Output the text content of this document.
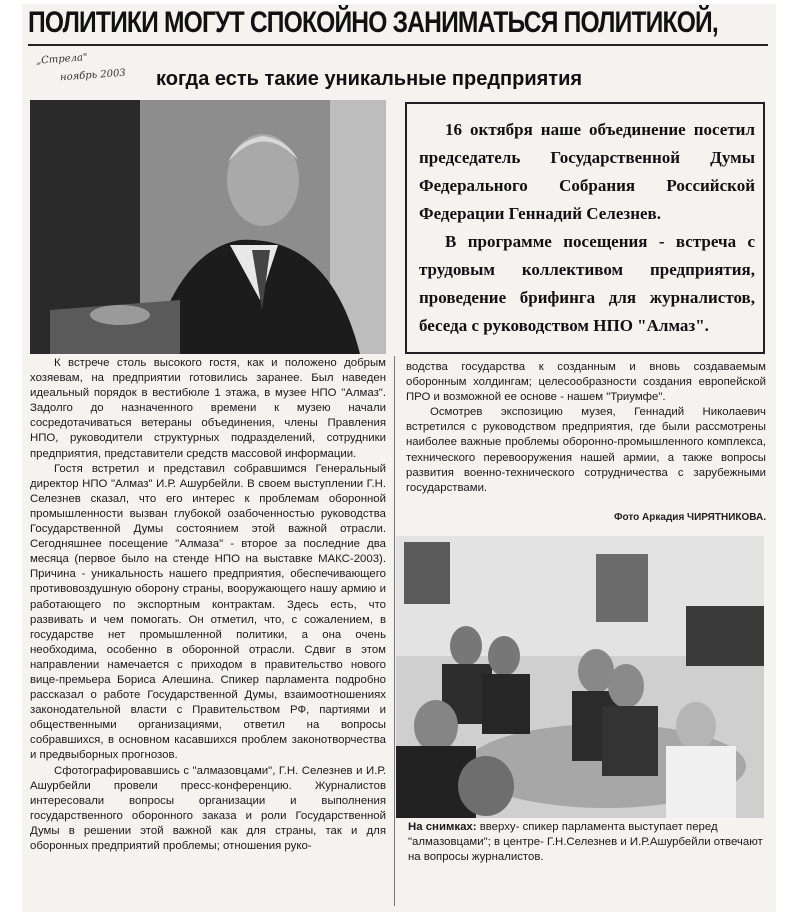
ПОЛИТИКИ МОГУТ СПОКОЙНО ЗАНИМАТЬСЯ ПОЛИТИКОЙ,
„Стрела"
ноябрь 2003 когда есть такие уникальные предприятия

16 октября наше объединение посетил председатель Государственной Думы Федерального Собрания Российской Федерации Геннадий Селезнев.

В программе посещения - встреча с трудовым коллективом предприятия, проведение брифинга для журналистов, беседа с руководством НПО "Алмаз".

К встрече столь высокого гостя, как и положено добрым хозяевам, на предприятии готовились заранее. Был наведен идеальный порядок в вестибюле 1 этажа, в музее НПО "Алмаз". Задолго до назначенного времени к музею начали сосредотачиваться ветераны объединения, члены Правления НПО, руководители структурных подразделений, сотрудники предприятия, представители средств массовой информации.

Гостя встретил и представил собравшимся Генеральный директор НПО "Алмаз" И.Р. Ашурбейли. В своем выступлении Г.Н. Селезнев сказал, что его интерес к проблемам оборонной промышленности вызван глубокой озабоченностью руководства Государственной Думы состоянием этой важной отрасли. Сегодняшнее посещение "Алмаза" - второе за последние два месяца (первое было на стенде НПО на выставке МАКС-2003). Причина - уникальность нашего предприятия, обеспечивающего противовоздушную оборону страны, вооружающего нашу армию и работающего по экспортным контрактам. Здесь есть, что развивать и чем помогать. Он отметил, что, с сожалением, в государстве нет промышленной политики, а она очень необходима, особенно в оборонной отрасли. Сдвиг в этом направлении намечается с приходом в правительство нового вице-премьера Бориса Алешина. Спикер парламента подробно рассказал о работе Государственной Думы, взаимоотношениях законодательной власти с Правительством РФ, партиями и общественными организациями, ответил на вопросы собравшихся, в основном касавшихся проблем законотворчества и предвыборных прогнозов.

Сфотографировавшись с "алмазовцами", Г.Н. Селезнев и И.Р. Ашурбейли провели пресс-конференцию. Журналистов интересовали вопросы организации и выполнения государственного оборонного заказа и роли Государственной Думы в решении этой важной как для страны, так и для оборонных предприятий проблемы; отношения руко-

водства государства к созданным и вновь создаваемым оборонным холдингам; целесообразности создания европейской ПРО и возможной ее основе - нашем "Триумфе".

Осмотрев экспозицию музея, Геннадий Николаевич встретился с руководством предприятия, где были рассмотрены наиболее важные проблемы оборонно-промышленного комплекса, технического перевооружения нашей армии, а также вопросы развития военно-технического сотрудничества с зарубежными государствами.

Фото Аркадия ЧИРЯТНИКОВА.
На снимках: вверху- спикер парламента выступает перед "алмазовцами"; в центре- Г.Н.Селезнев и И.Р.Ашурбейли отвечают на вопросы журналистов.
